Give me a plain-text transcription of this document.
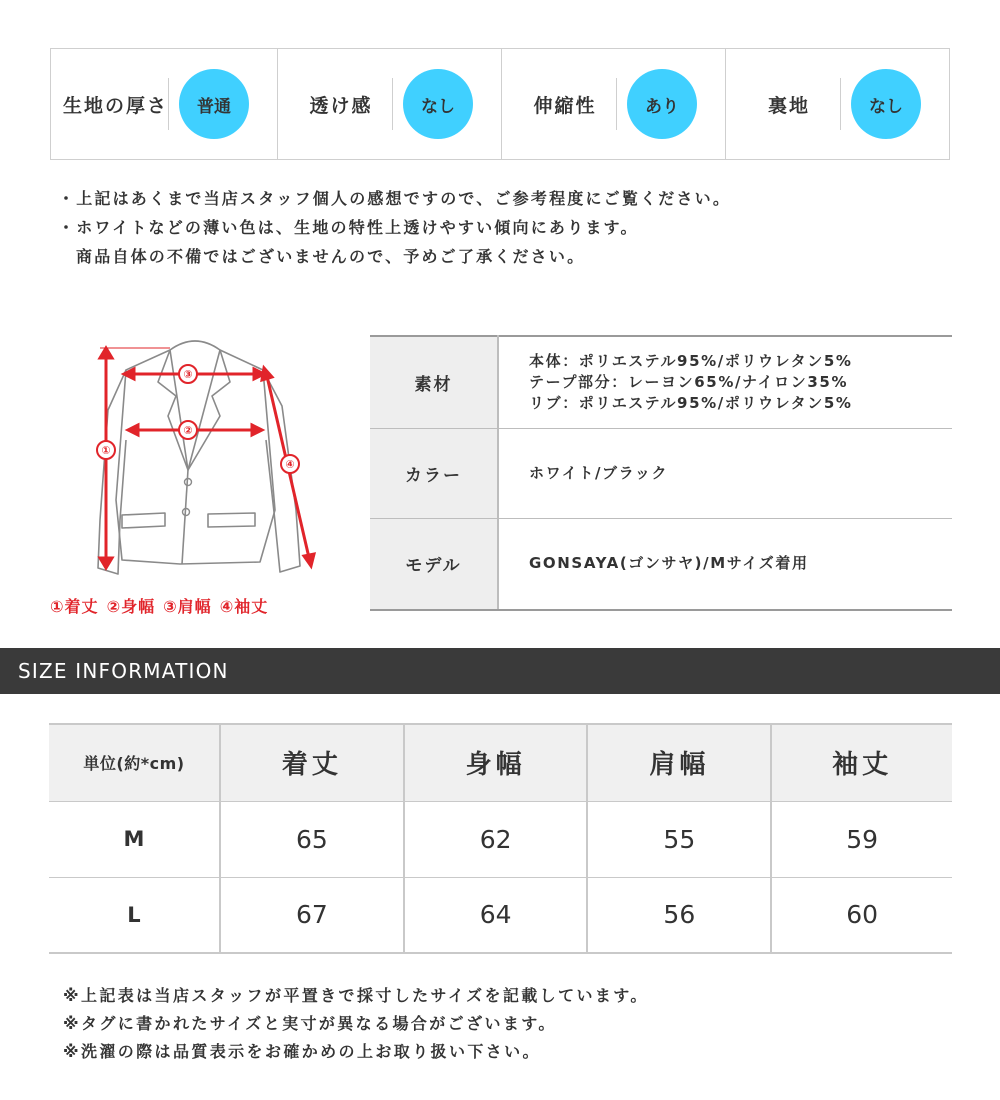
生地の厚さ	普通	透け感	なし	伸縮性	あり	裏地	なし
・上記はあくまで当店スタッフ個人の感想ですので、ご参考程度にご覧ください。
・ホワイトなどの薄い色は、生地の特性上透けやすい傾向にあります。
商品自体の不備ではございませんので、予めご了承ください。
①
②
③
④
①着丈 ②身幅 ③肩幅 ④袖丈
素材	本体：ポリエステル95%/ポリウレタン5%
テープ部分：レーヨン65%/ナイロン35%
リブ：ポリエステル95%/ポリウレタン5%

カラー	ホワイト/ブラック
モデル	GONSAYA(ゴンサヤ)/Mサイズ着用
SIZE INFORMATION
単位(約*cm)	着丈	身幅	肩幅	袖丈
M	65	62	55	59
L	67	64	56	60
※上記表は当店スタッフが平置きで採寸したサイズを記載しています。
※タグに書かれたサイズと実寸が異なる場合がございます。
※洗濯の際は品質表示をお確かめの上お取り扱い下さい。
